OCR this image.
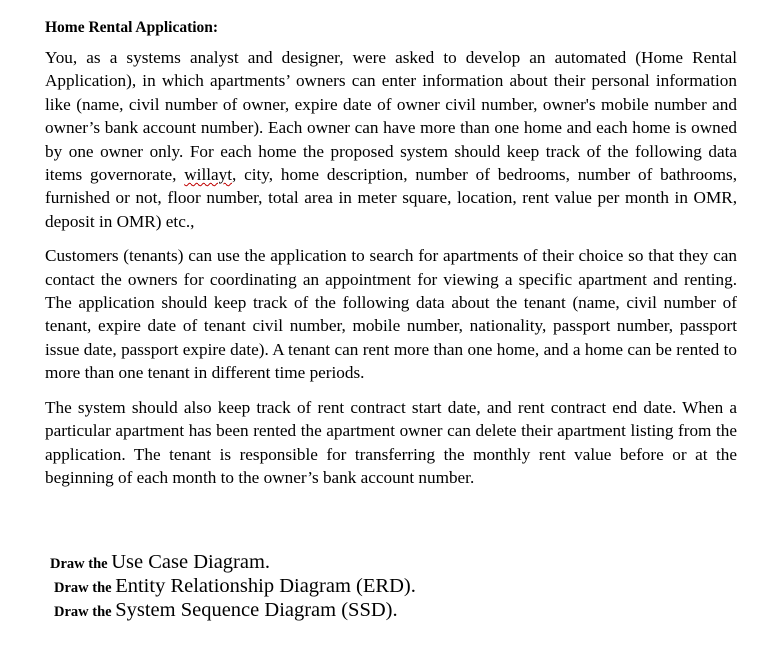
Home Rental Application:

You, as a systems analyst and designer, were asked to develop an automated (Home Rental Application), in which apartments’ owners can enter information about their personal information like (name, civil number of owner, expire date of owner civil number, owner's mobile number and owner’s bank account number). Each owner can have more than one home and each home is owned by one owner only. For each home the proposed system should keep track of the following data items governorate, willayt, city, home description, number of bedrooms, number of bathrooms, furnished or not, floor number, total area in meter square, location, rent value per month in OMR, deposit in OMR) etc.,

Customers (tenants) can use the application to search for apartments of their choice so that they can contact the owners for coordinating an appointment for viewing a specific apartment and renting. The application should keep track of the following data about the tenant (name, civil number of tenant, expire date of tenant civil number, mobile number, nationality, passport number, passport issue date, passport expire date). A tenant can rent more than one home, and a home can be rented to more than one tenant in different time periods.

The system should also keep track of rent contract start date, and rent contract end date. When a particular apartment has been rented the apartment owner can delete their apartment listing from the application. The tenant is responsible for transferring the monthly rent value before or at the beginning of each month to the owner’s bank account number.

Draw the Use Case Diagram.
Draw the Entity Relationship Diagram (ERD).
Draw the System Sequence Diagram (SSD).
